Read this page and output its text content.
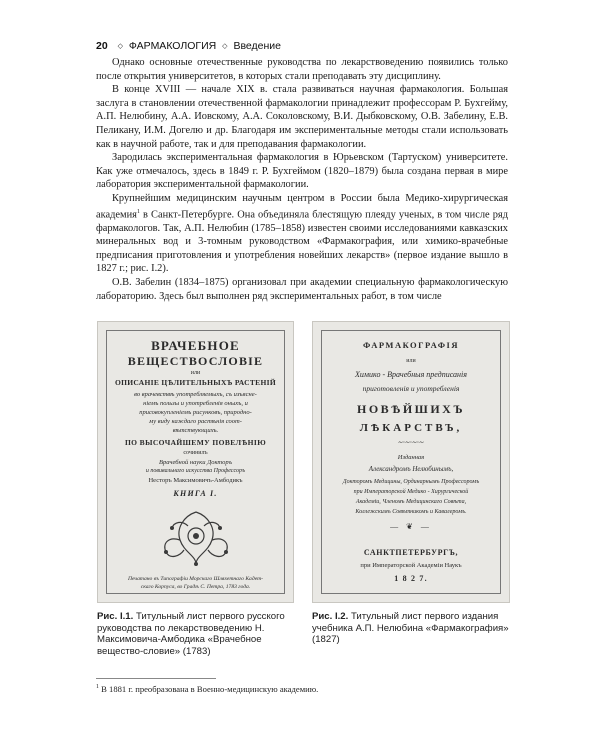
20 ◇ ФАРМАКОЛОГИЯ ◇ Введение

Однако основные отечественные руководства по лекарствоведению появились только после открытия университетов, в которых стали преподавать эту дисциплину.

В конце XVIII — начале XIX в. стала развиваться научная фармакология. Большая заслуга в становлении отечественной фармакологии принадлежит профессорам Р. Бухгейму, А.П. Нелюбину, А.А. Иовскому, А.А. Соколовскому, В.И. Дыбковскому, О.В. Забелину, Е.В. Пеликану, И.М. Догелю и др. Благодаря им экспериментальные методы стали использовать как в научной работе, так и для преподавания фармакологии.

Зародилась экспериментальная фармакология в Юрьевском (Тартуском) университете. Как уже отмечалось, здесь в 1849 г. Р. Бухгеймом (1820–1879) была создана первая в мире лаборатория экспериментальной фармакологии.

Крупнейшим медицинским научным центром в России была Медико-хирургическая академия$^1$ в Санкт-Петербурге. Она объединяла блестящую плеяду ученых, в том числе ряд фармакологов. Так, А.П. Нелюбин (1785–1858) известен своими исследованиями кавказских минеральных вод и 3-томным руководством «Фармакография, или химико-врачебные предписания приготовления и употребления новейших лекарств» (первое издание вышло в 1827 г.; рис. I.2).

О.В. Забелин (1834–1875) организовал при академии специальную фармакологическую лабораторию. Здесь был выполнен ряд экспериментальных работ, в том числе

ВРАЧЕБНОЕ
ВЕЩЕСТВОСЛОВІЕ
или
ОПИСАНІЕ ЦѢЛИТЕЛЬНЫХЪ РАСТЕНІЙ
во врачевствѣ употребляемыхъ, съ изъясне-
ніемъ пользы и употребленія оныхъ, и
присовокупленіемъ рисунковъ, природно-
му виду каждаго растѣнія соот-
вѣтствующихъ.
ПО ВЫСОЧАЙШЕМУ ПОВЕЛѢНІЮ
сочинилъ
Врачебной науки Докторъ
и повивальнаго искусства Профессоръ
Несторъ Максимовичъ-Амбодикъ
КНИГА I.
Печатано въ Типографіи Морскаго Шляхетнаго Кадет-
скаго Корпуса, во Градѣ С. Петра, 1783 года.
ФАРМАКОГРАФІЯ
или
Химико - Врачебныя предписанія
приготовленія и употребленія
НОВѢЙШИХЪ
ЛѢКАРСТВЪ,
~·~·~·~
Изданная
Александромъ Нелюбинымъ,
Докторомъ Медицины, Ординарнымъ Профессоромъ
при Императорской Медико - Хирургической
Академіи, Членомъ Медицинскаго Совѣта,
Коллежскимъ Совѣтникомъ и Кавалеромъ.
— ❦ —
САНКТПЕТЕРБУРГЪ,
при Императорской Академіи Наукъ
1 8 2 7.
Рис. I.1. Титульный лист первого русского руководства по лекарствоведению Н. Максимовича-Амбодика «Врачебное вещество-словие» (1783)
Рис. I.2. Титульный лист первого издания учебника А.П. Нелюбина «Фармакография» (1827)
$^1$ В 1881 г. преобразована в Военно-медицинскую академию.
